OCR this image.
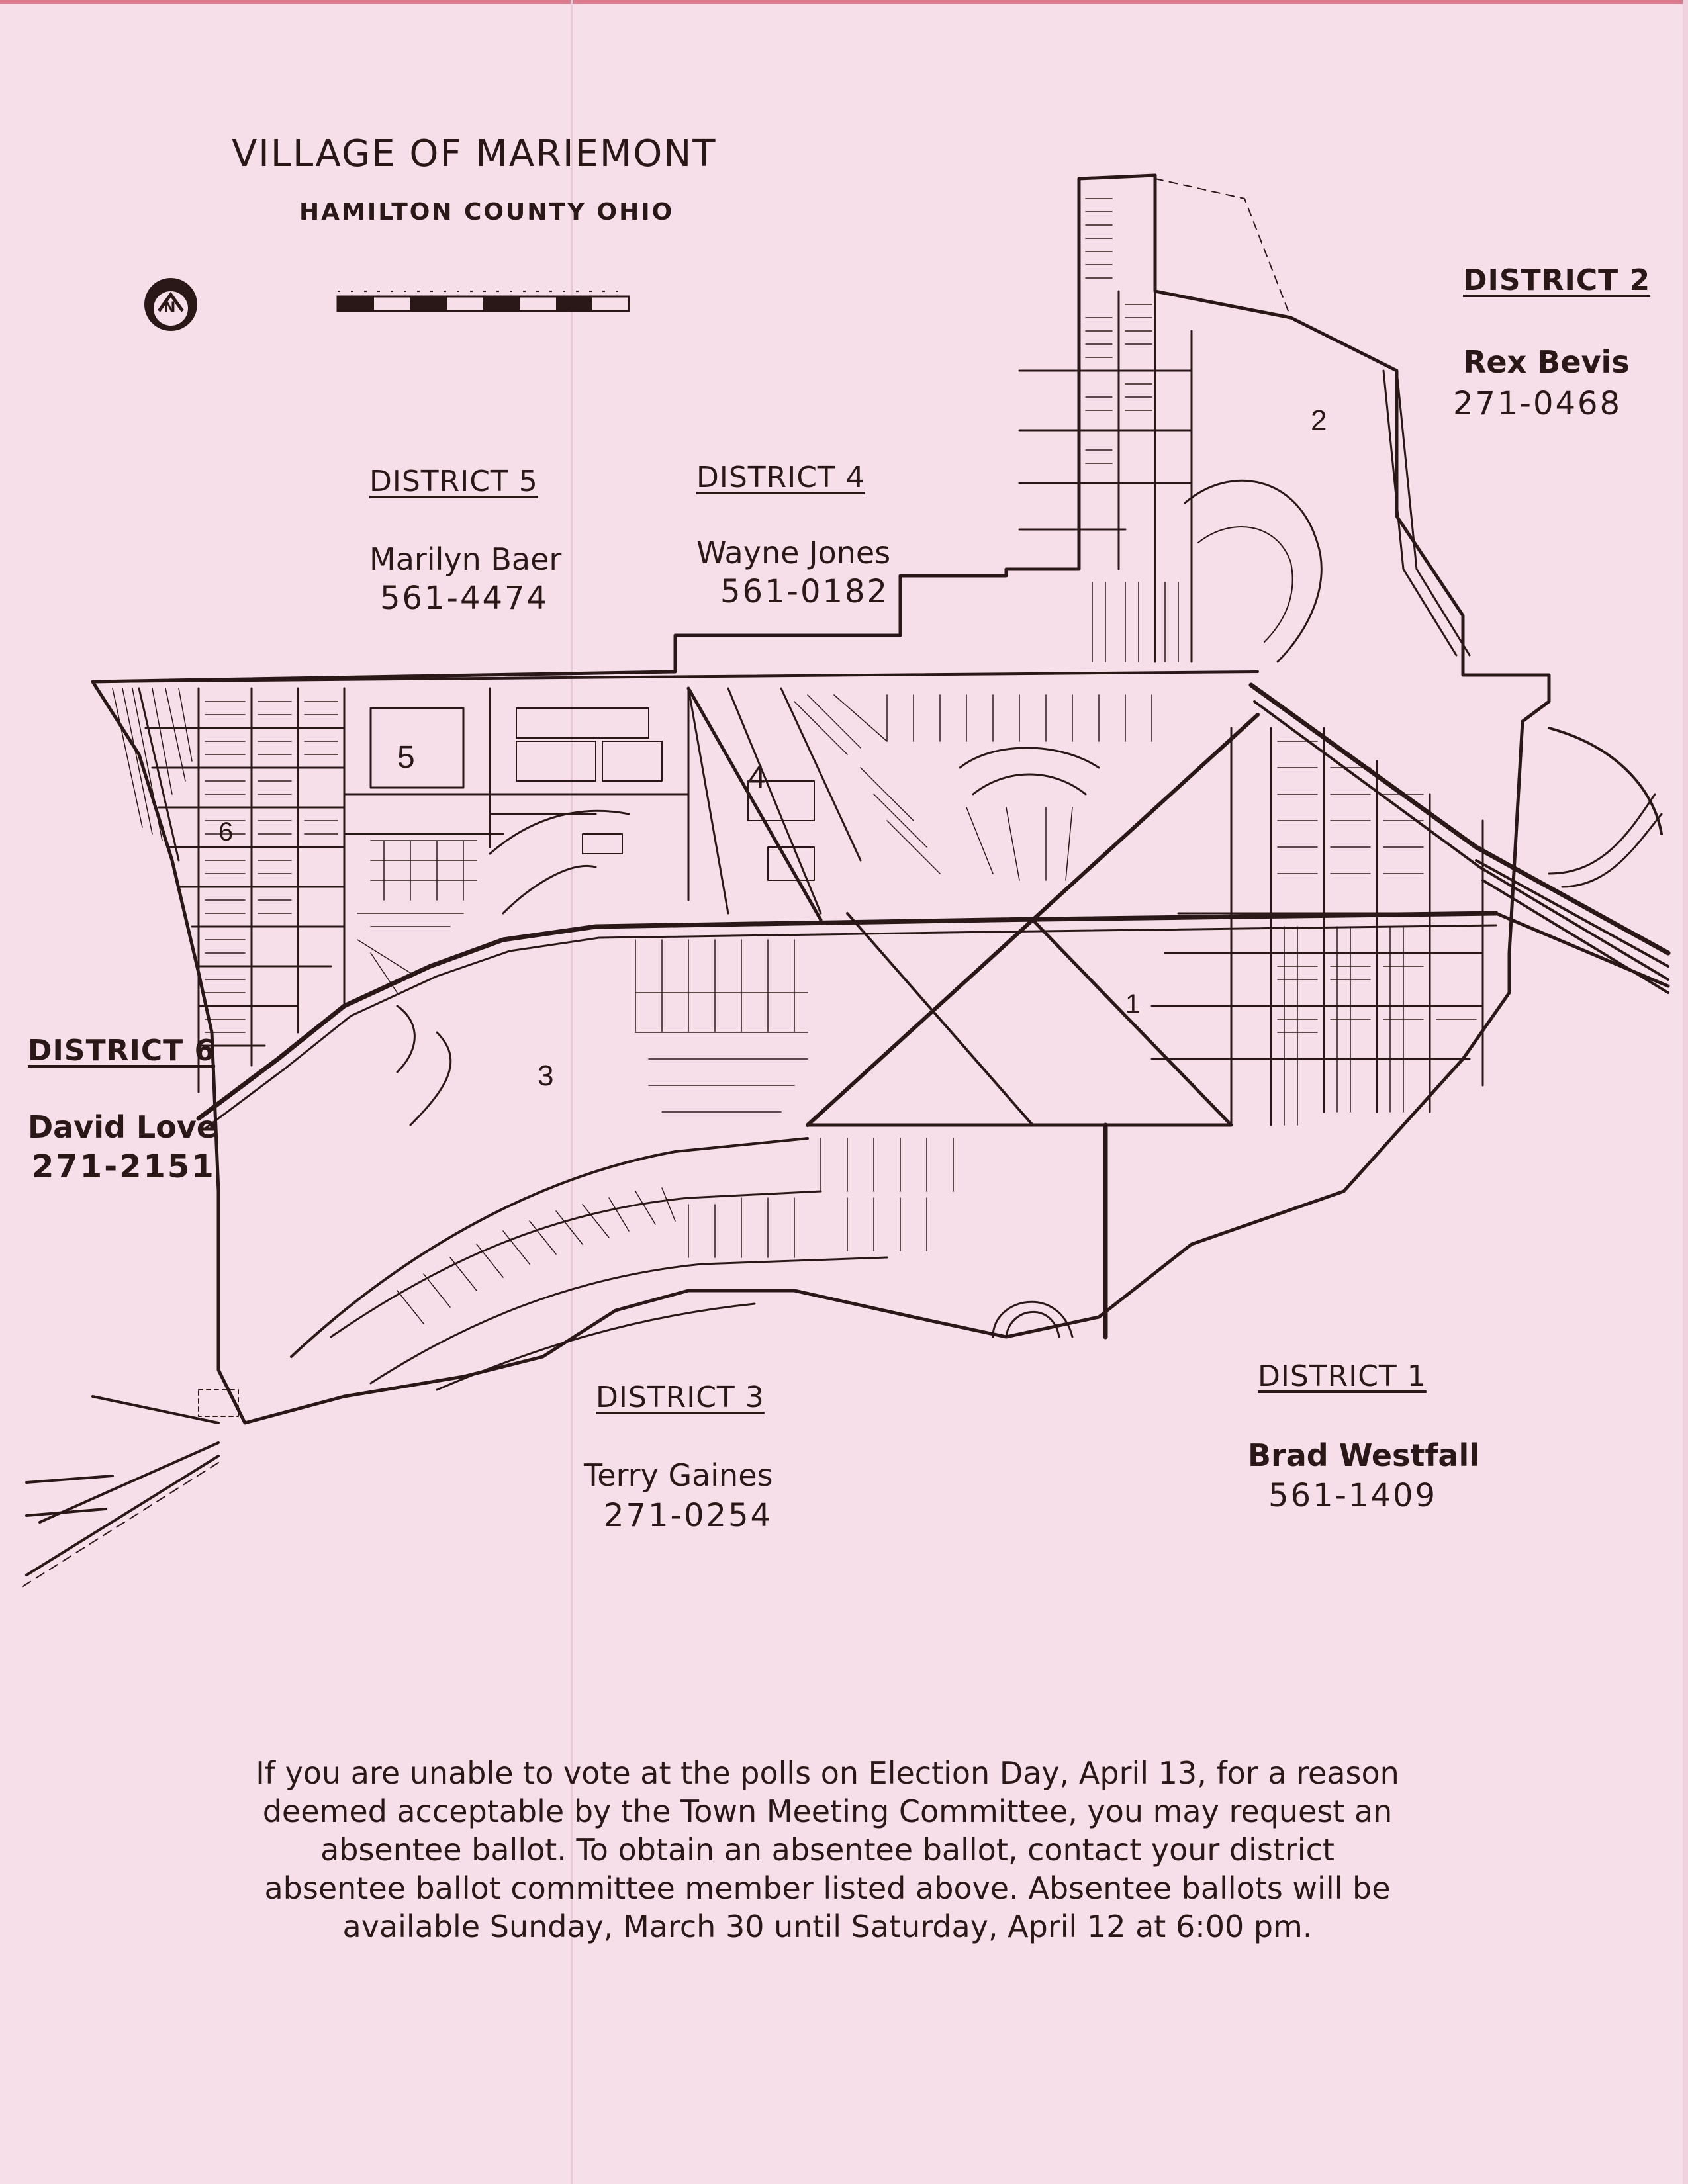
5
4
2
3
6
1
N
VILLAGE OF MARIEMONT
HAMILTON COUNTY OHIO
DISTRICT 2
Rex Bevis
271-0468
DISTRICT 5
Marilyn Baer
561-4474
DISTRICT 4
Wayne Jones
561-0182
DISTRICT 6
David Love
271-2151
DISTRICT 3
Terry Gaines
271-0254
DISTRICT 1
Brad Westfall
561-1409
If you are unable to vote at the polls on Election Day, April 13, for a reason
deemed acceptable by the Town Meeting Committee, you may request an
absentee ballot. To obtain an absentee ballot, contact your district
absentee ballot committee member listed above. Absentee ballots will be
available Sunday, March 30 until Saturday, April 12 at 6:00 pm.
